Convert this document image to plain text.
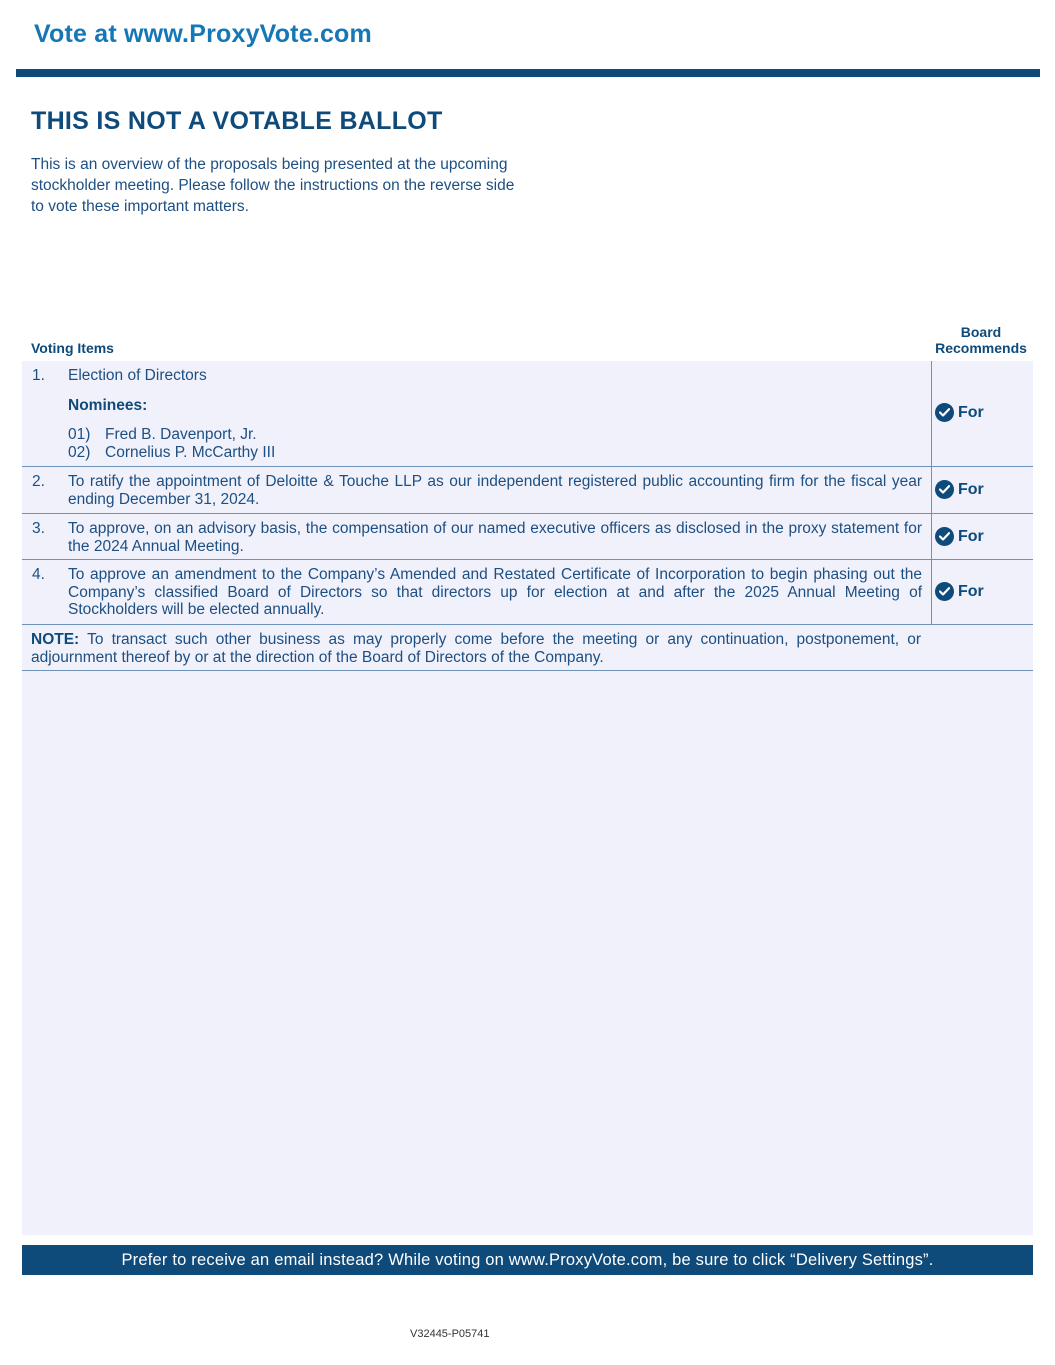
Vote at www.ProxyVote.com
THIS IS NOT A VOTABLE BALLOT
This is an overview of the proposals being presented at the upcoming stockholder meeting. Please follow the instructions on the reverse side to vote these important matters.
Voting Items
Board
Recommends
1. Election of Directors
Nominees:
01) Fred B. Davenport, Jr.
02) Cornelius P. McCarthy III
For
2. To ratify the appointment of Deloitte & Touche LLP as our independent registered public accounting firm for the fiscal year ending December 31, 2024.
For
3. To approve, on an advisory basis, the compensation of our named executive officers as disclosed in the proxy statement for the 2024 Annual Meeting.
For
4. To approve an amendment to the Company’s Amended and Restated Certificate of Incorporation to begin phasing out the Company’s classified Board of Directors so that directors up for election at and after the 2025 Annual Meeting of Stockholders will be elected annually.
For
NOTE: To transact such other business as may properly come before the meeting or any continuation, postponement, or adjournment thereof by or at the direction of the Board of Directors of the Company.
Prefer to receive an email instead? While voting on www.ProxyVote.com, be sure to click “Delivery Settings”.
V32445-P05741
